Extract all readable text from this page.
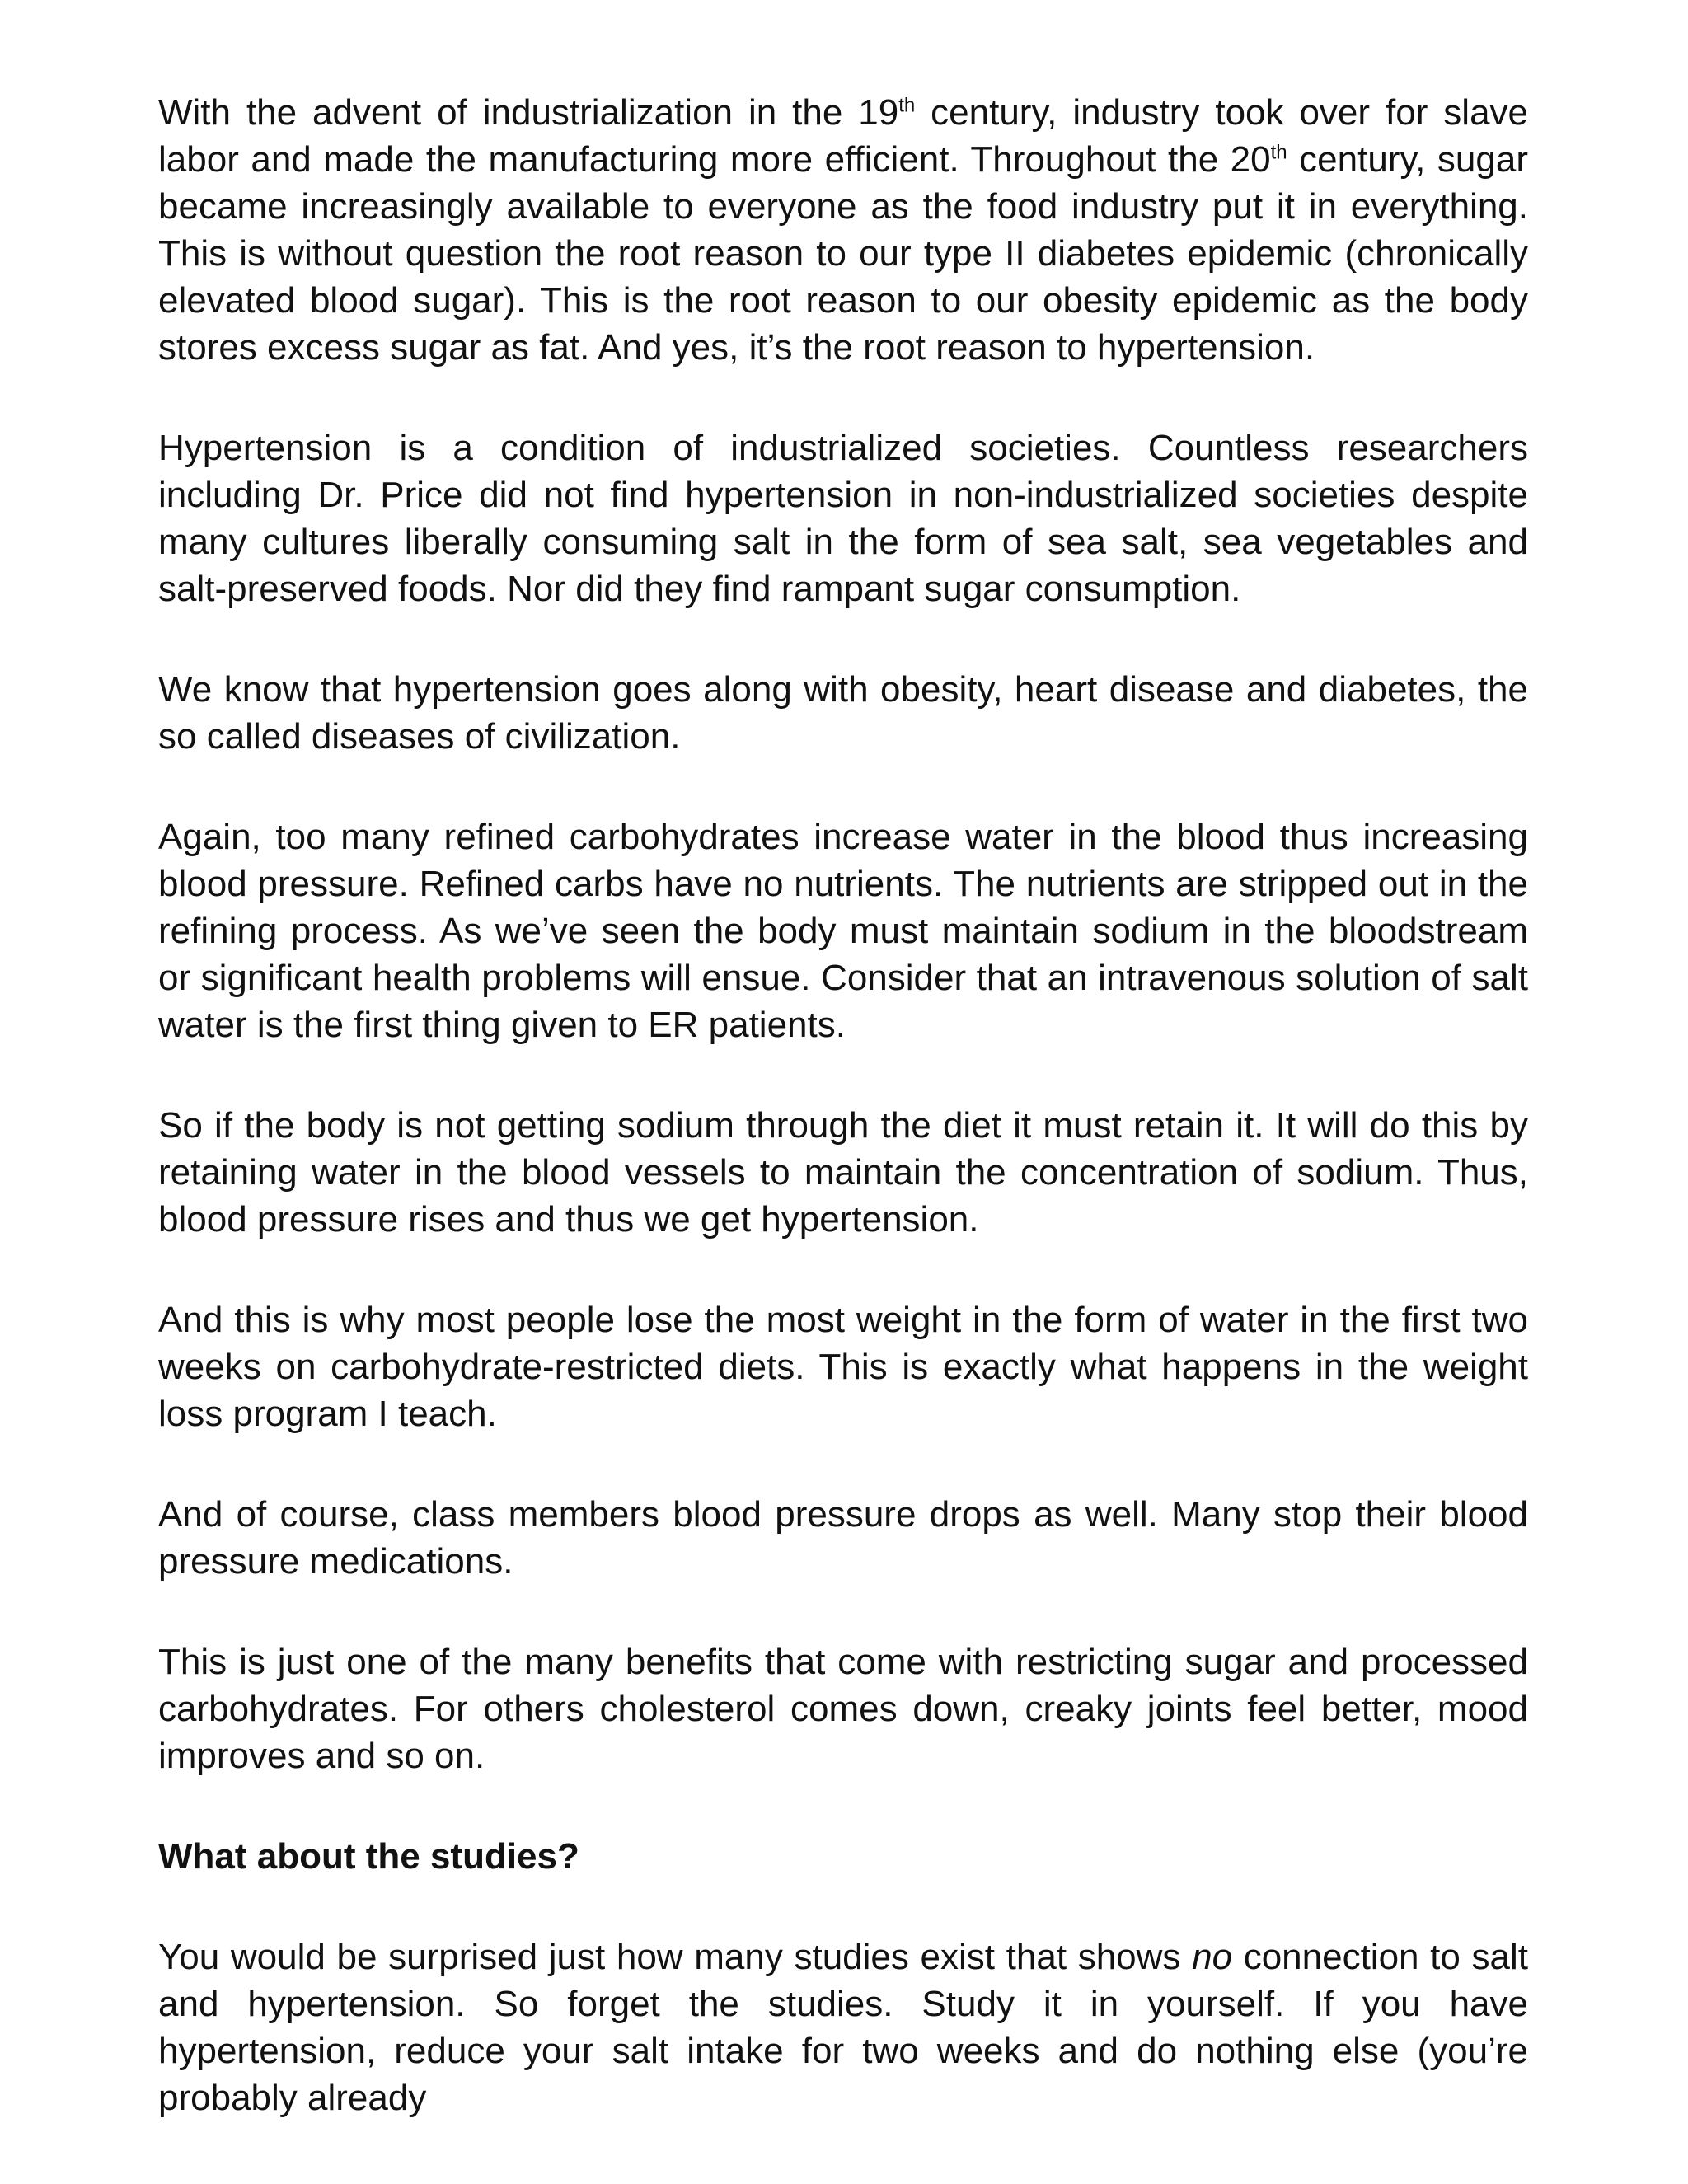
With the advent of industrialization in the 19th century, industry took over for slave labor and made the manufacturing more efficient. Throughout the 20th century, sugar became increasingly available to everyone as the food industry put it in everything. This is without question the root reason to our type II diabetes epidemic (chronically elevated blood sugar). This is the root reason to our obesity epidemic as the body stores excess sugar as fat. And yes, it’s the root reason to hypertension.

Hypertension is a condition of industrialized societies. Countless researchers including Dr. Price did not find hypertension in non-industrialized societies despite many cultures liberally consuming salt in the form of sea salt, sea vegetables and salt-preserved foods. Nor did they find rampant sugar consumption.

We know that hypertension goes along with obesity, heart disease and diabetes, the so called diseases of civilization.

Again, too many refined carbohydrates increase water in the blood thus increasing blood pressure. Refined carbs have no nutrients. The nutrients are stripped out in the refining process. As we’ve seen the body must maintain sodium in the bloodstream or significant health problems will ensue. Consider that an intravenous solution of salt water is the first thing given to ER patients.

So if the body is not getting sodium through the diet it must retain it. It will do this by retaining water in the blood vessels to maintain the concentration of sodium. Thus, blood pressure rises and thus we get hypertension.

And this is why most people lose the most weight in the form of water in the first two weeks on carbohydrate-restricted diets. This is exactly what happens in the weight loss program I teach.

And of course, class members blood pressure drops as well. Many stop their blood pressure medications.

This is just one of the many benefits that come with restricting sugar and processed carbohydrates. For others cholesterol comes down, creaky joints feel better, mood improves and so on.

What about the studies?

You would be surprised just how many studies exist that shows no connection to salt and hypertension. So forget the studies. Study it in yourself. If you have hypertension, reduce your salt intake for two weeks and do nothing else (you’re probably already
